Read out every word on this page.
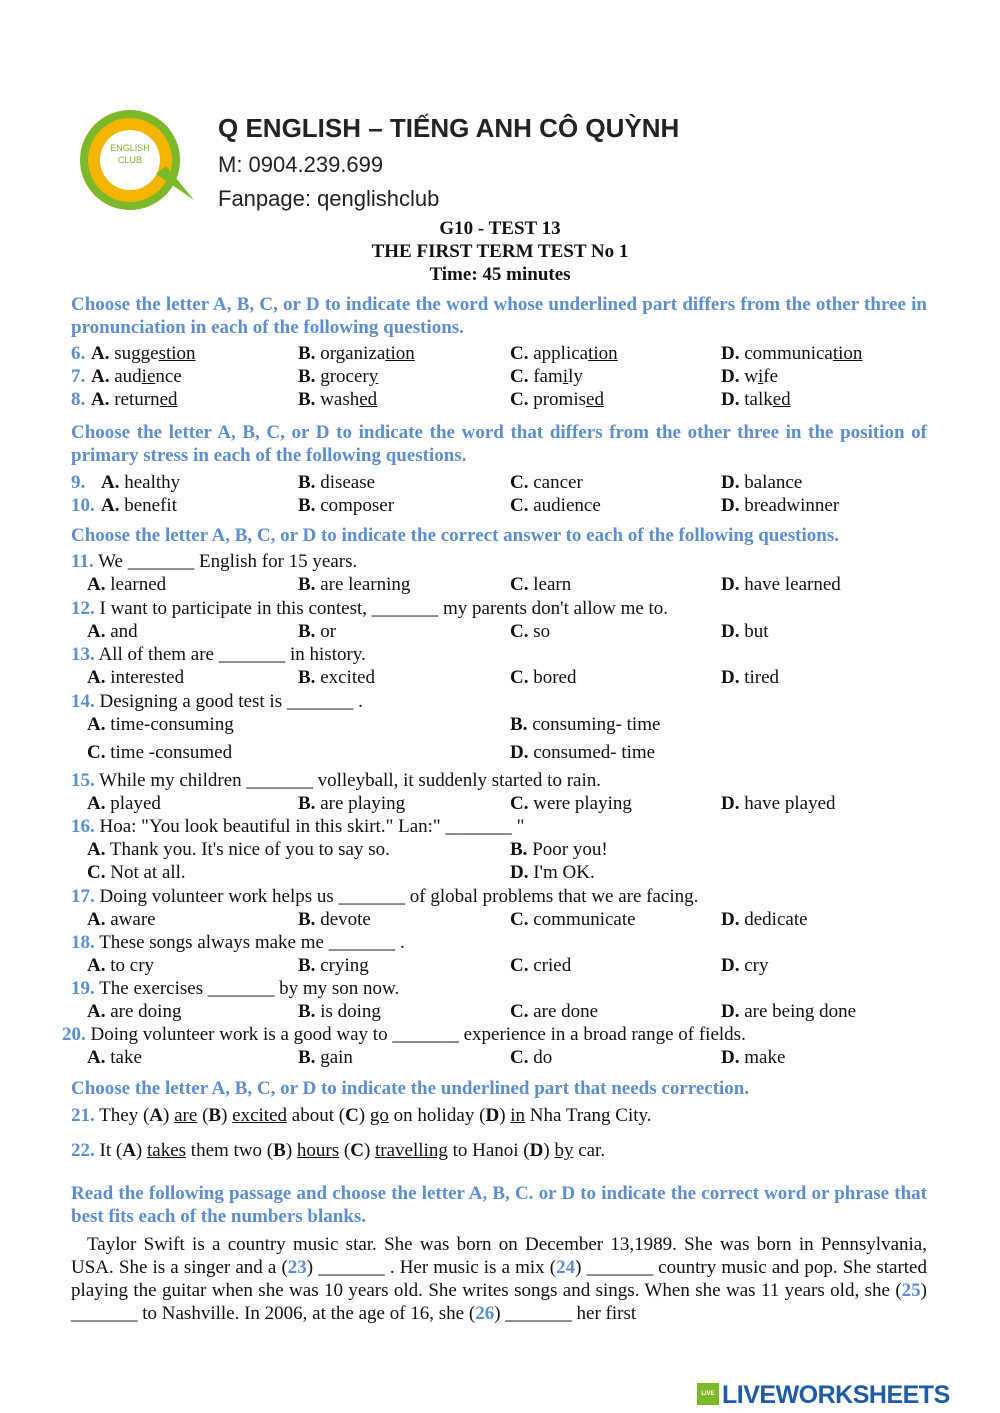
ENGLISH CLUB
Q ENGLISH – TIẾNG ANH CÔ QUỲNH
M: 0904.239.699
Fanpage: qenglishclub
G10 - TEST 13
THE FIRST TERM TEST No 1
Time: 45 minutes
Choose the letter A, B, C, or D to indicate the word whose underlined part differs from the other three in pronunciation in each of the following questions.
6. A. suggestion	B. organization	C. application	D. communication
7. A. audience	B. grocery	C. family	D. wife
8. A. returned	B. washed	C. promised	D. talked
Choose the letter A, B, C, or D to indicate the word that differs from the other three in the position of primary stress in each of the following questions.
9. A. healthy	B. disease	C. cancer	D. balance
10. A. benefit	B. composer	C. audience	D. breadwinner
Choose the letter A, B, C, or D to indicate the correct answer to each of the following questions.
11. We _______ English for 15 years.
A. learned	B. are learning	C. learn	D. have learned
12. I want to participate in this contest, _______ my parents don't allow me to.
A. and	B. or	C. so	D. but
13. All of them are _______ in history.
A. interested	B. excited	C. bored	D. tired
14. Designing a good test is _______ .
A. time-consuming	B. consuming- time
C. time -consumed	D. consumed- time
15. While my children _______ volleyball, it suddenly started to rain.
A. played	B. are playing	C. were playing	D. have played
16. Hoa: "You look beautiful in this skirt." Lan:" _______ "
A. Thank you. It's nice of you to say so.	B. Poor you!
C. Not at all.	D. I'm OK.
17. Doing volunteer work helps us _______ of global problems that we are facing.
A. aware	B. devote	C. communicate	D. dedicate
18. These songs always make me _______ .
A. to cry	B. crying	C. cried	D. cry
19. The exercises _______ by my son now.
A. are doing	B. is doing	C. are done	D. are being done
20. Doing volunteer work is a good way to _______ experience in a broad range of fields.
A. take	B. gain	C. do	D. make
Choose the letter A, B, C, or D to indicate the underlined part that needs correction.
21. They (A) are (B) excited about (C) go on holiday (D) in Nha Trang City.
22. It (A) takes them two (B) hours (C) travelling to Hanoi (D) by car.
Read the following passage and choose the letter A, B, C. or D to indicate the correct word or phrase that best fits each of the numbers blanks.
Taylor Swift is a country music star. She was born on December 13,1989. She was born in Pennsylvania, USA. She is a singer and a (23) _______ . Her music is a mix (24) _______ country music and pop. She started playing the guitar when she was 10 years old. She writes songs and sings. When she was 11 years old, she (25) _______ to Nashville. In 2006, at the age of 16, she (26) _______ her first
LIVE LIVEWORKSHEETS
